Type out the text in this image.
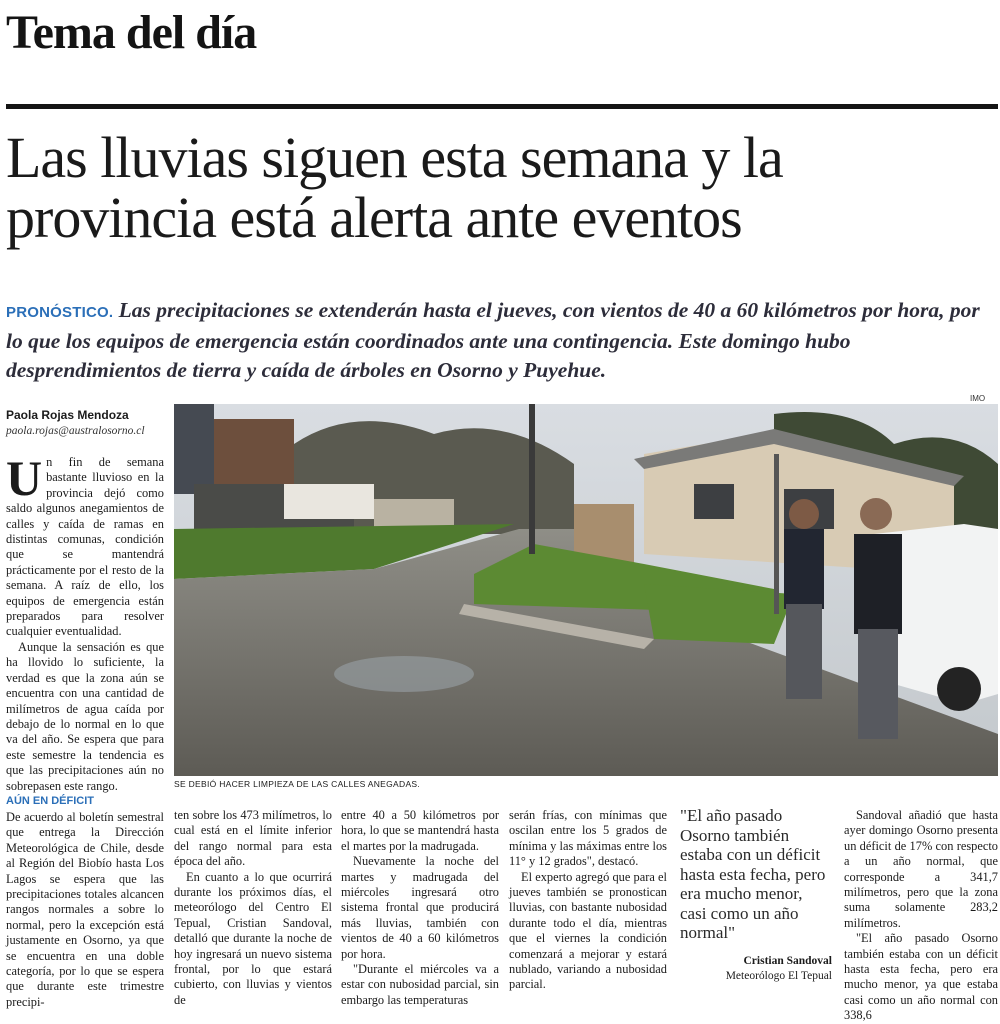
Tema del día
Las lluvias siguen esta semana y la provincia está alerta ante eventos
PRONÓSTICO. Las precipitaciones se extenderán hasta el jueves, con vientos de 40 a 60 kilómetros por hora, por lo que los equipos de emergencia están coordinados ante una contingencia. Este domingo hubo desprendimientos de tierra y caída de árboles en Osorno y Puyehue.
Paola Rojas Mendoza
paola.rojas@australosorno.cl

Un fin de semana bastante lluvioso en la provincia dejó como saldo algunos anegamientos de calles y caída de ramas en distintas comunas, condición que se mantendrá prácticamente por el resto de la semana. A raíz de ello, los equipos de emergencia están preparados para resolver cualquier eventualidad.

Aunque la sensación es que ha llovido lo suficiente, la verdad es que la zona aún se encuentra con una cantidad de milímetros de agua caída por debajo de lo normal en lo que va del año. Se espera que para este semestre la tendencia es que las precipitaciones aún no sobrepasen este rango.

IMO
SE DEBIÓ HACER LIMPIEZA DE LAS CALLES ANEGADAS.
AÚN EN DÉFICIT

De acuerdo al boletín semestral que entrega la Dirección Meteorológica de Chile, desde al Región del Biobío hasta Los Lagos se espera que las precipitaciones totales alcancen rangos normales a sobre lo normal, pero la excepción está justamente en Osorno, ya que se encuentra en una doble categoría, por lo que se espera que durante este trimestre precipi-

ten sobre los 473 milímetros, lo cual está en el límite inferior del rango normal para esta época del año.

En cuanto a lo que ocurrirá durante los próximos días, el meteorólogo del Centro El Tepual, Cristian Sandoval, detalló que durante la noche de hoy ingresará un nuevo sistema frontal, por lo que estará cubierto, con lluvias y vientos de

entre 40 a 50 kilómetros por hora, lo que se mantendrá hasta el martes por la madrugada.

Nuevamente la noche del martes y madrugada del miércoles ingresará otro sistema frontal que producirá más lluvias, también con vientos de 40 a 60 kilómetros por hora.

"Durante el miércoles va a estar con nubosidad parcial, sin embargo las temperaturas

serán frías, con mínimas que oscilan entre los 5 grados de mínima y las máximas entre los 11° y 12 grados", destacó.

El experto agregó que para el jueves también se pronostican lluvias, con bastante nubosidad durante todo el día, mientras que el viernes la condición comenzará a mejorar y estará nublado, variando a nubosidad parcial.

"El año pasado Osorno también estaba con un déficit hasta esta fecha, pero era mucho menor, casi como un año normal"
Cristian Sandoval
Meteorólogo El Tepual

Sandoval añadió que hasta ayer domingo Osorno presenta un déficit de 17% con respecto a un año normal, que corresponde a 341,7 milímetros, pero que la zona suma solamente 283,2 milímetros.

"El año pasado Osorno también estaba con un déficit hasta esta fecha, pero era mucho menor, ya que estaba casi como un año normal con 338,6
